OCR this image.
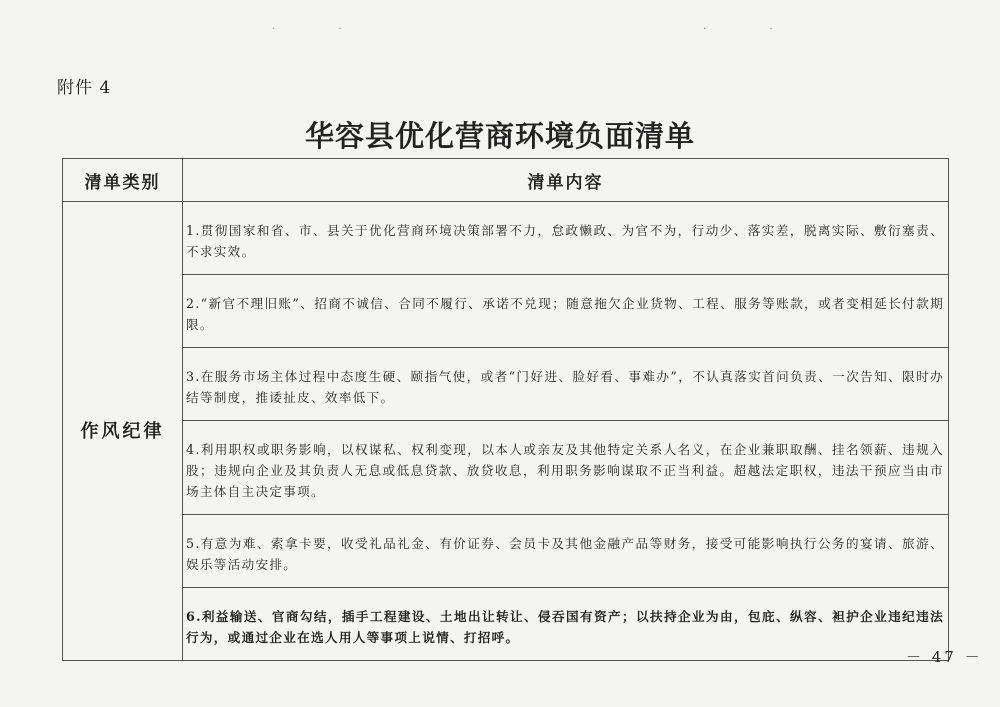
· ·	· ·
附件 4
华容县优化营商环境负面清单
清单类别	清单内容
作风纪律	1.贯彻国家和省、市、县关于优化营商环境决策部署不力，怠政懒政、为官不为，行动少、落实差，脱离实际、敷衍塞责、不求实效。
	2.“新官不理旧账”、招商不诚信、合同不履行、承诺不兑现；随意拖欠企业货物、工程、服务等账款，或者变相延长付款期限。
	3.在服务市场主体过程中态度生硬、颐指气使，或者“门好进、脸好看、事难办”，不认真落实首问负责、一次告知、限时办结等制度，推诿扯皮、效率低下。
	4.利用职权或职务影响，以权谋私、权利变现，以本人或亲友及其他特定关系人名义，在企业兼职取酬、挂名领薪、违规入股；违规向企业及其负责人无息或低息贷款、放贷收息，利用职务影响谋取不正当利益。超越法定职权，违法干预应当由市场主体自主决定事项。
	5.有意为难、索拿卡要，收受礼品礼金、有价证券、会员卡及其他金融产品等财务，接受可能影响执行公务的宴请、旅游、娱乐等活动安排。
	6.利益输送、官商勾结，插手工程建设、土地出让转让、侵吞国有资产；以扶持企业为由，包庇、纵容、袒护企业违纪违法行为，或通过企业在选人用人等事项上说情、打招呼。
－ 47 －
